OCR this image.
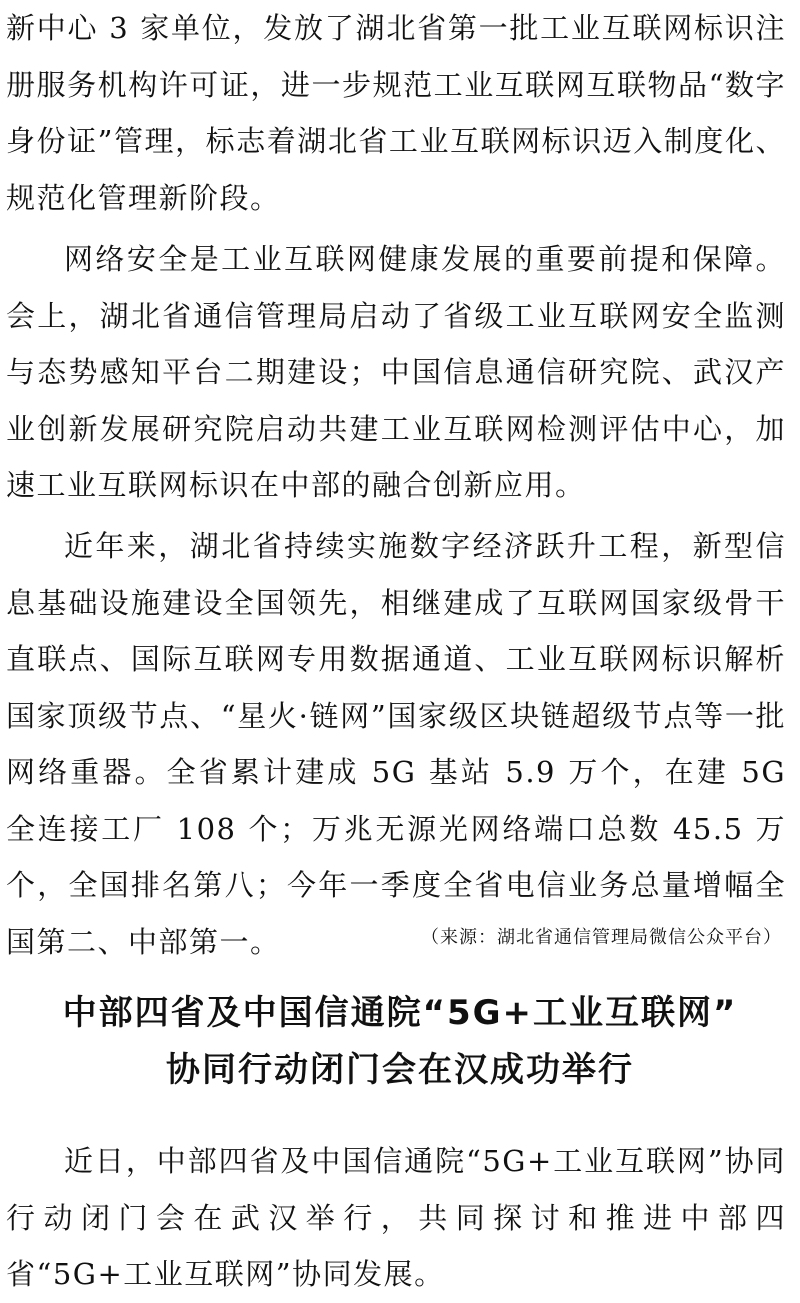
新中心 3 家单位，发放了湖北省第一批工业互联网标识注册服务机构许可证，进一步规范工业互联网互联物品“数字身份证”管理，标志着湖北省工业互联网标识迈入制度化、规范化管理新阶段。

网络安全是工业互联网健康发展的重要前提和保障。会上，湖北省通信管理局启动了省级工业互联网安全监测与态势感知平台二期建设；中国信息通信研究院、武汉产业创新发展研究院启动共建工业互联网检测评估中心，加速工业互联网标识在中部的融合创新应用。

近年来，湖北省持续实施数字经济跃升工程，新型信息基础设施建设全国领先，相继建成了互联网国家级骨干直联点、国际互联网专用数据通道、工业互联网标识解析国家顶级节点、“星火·链网”国家级区块链超级节点等一批网络重器。全省累计建成 5G 基站 5.9 万个，在建 5G 全连接工厂 108 个；万兆无源光网络端口总数 45.5 万个，全国排名第八；今年一季度全省电信业务总量增幅全国第二、中部第一。	（来源：湖北省通信管理局微信公众平台）

中部四省及中国信通院“5G+工业互联网”
协同行动闭门会在汉成功举行

近日，中部四省及中国信通院“5G+工业互联网”协同行动闭门会在武汉举行，共同探讨和推进中部四省“5G+工业互联网”协同发展。
